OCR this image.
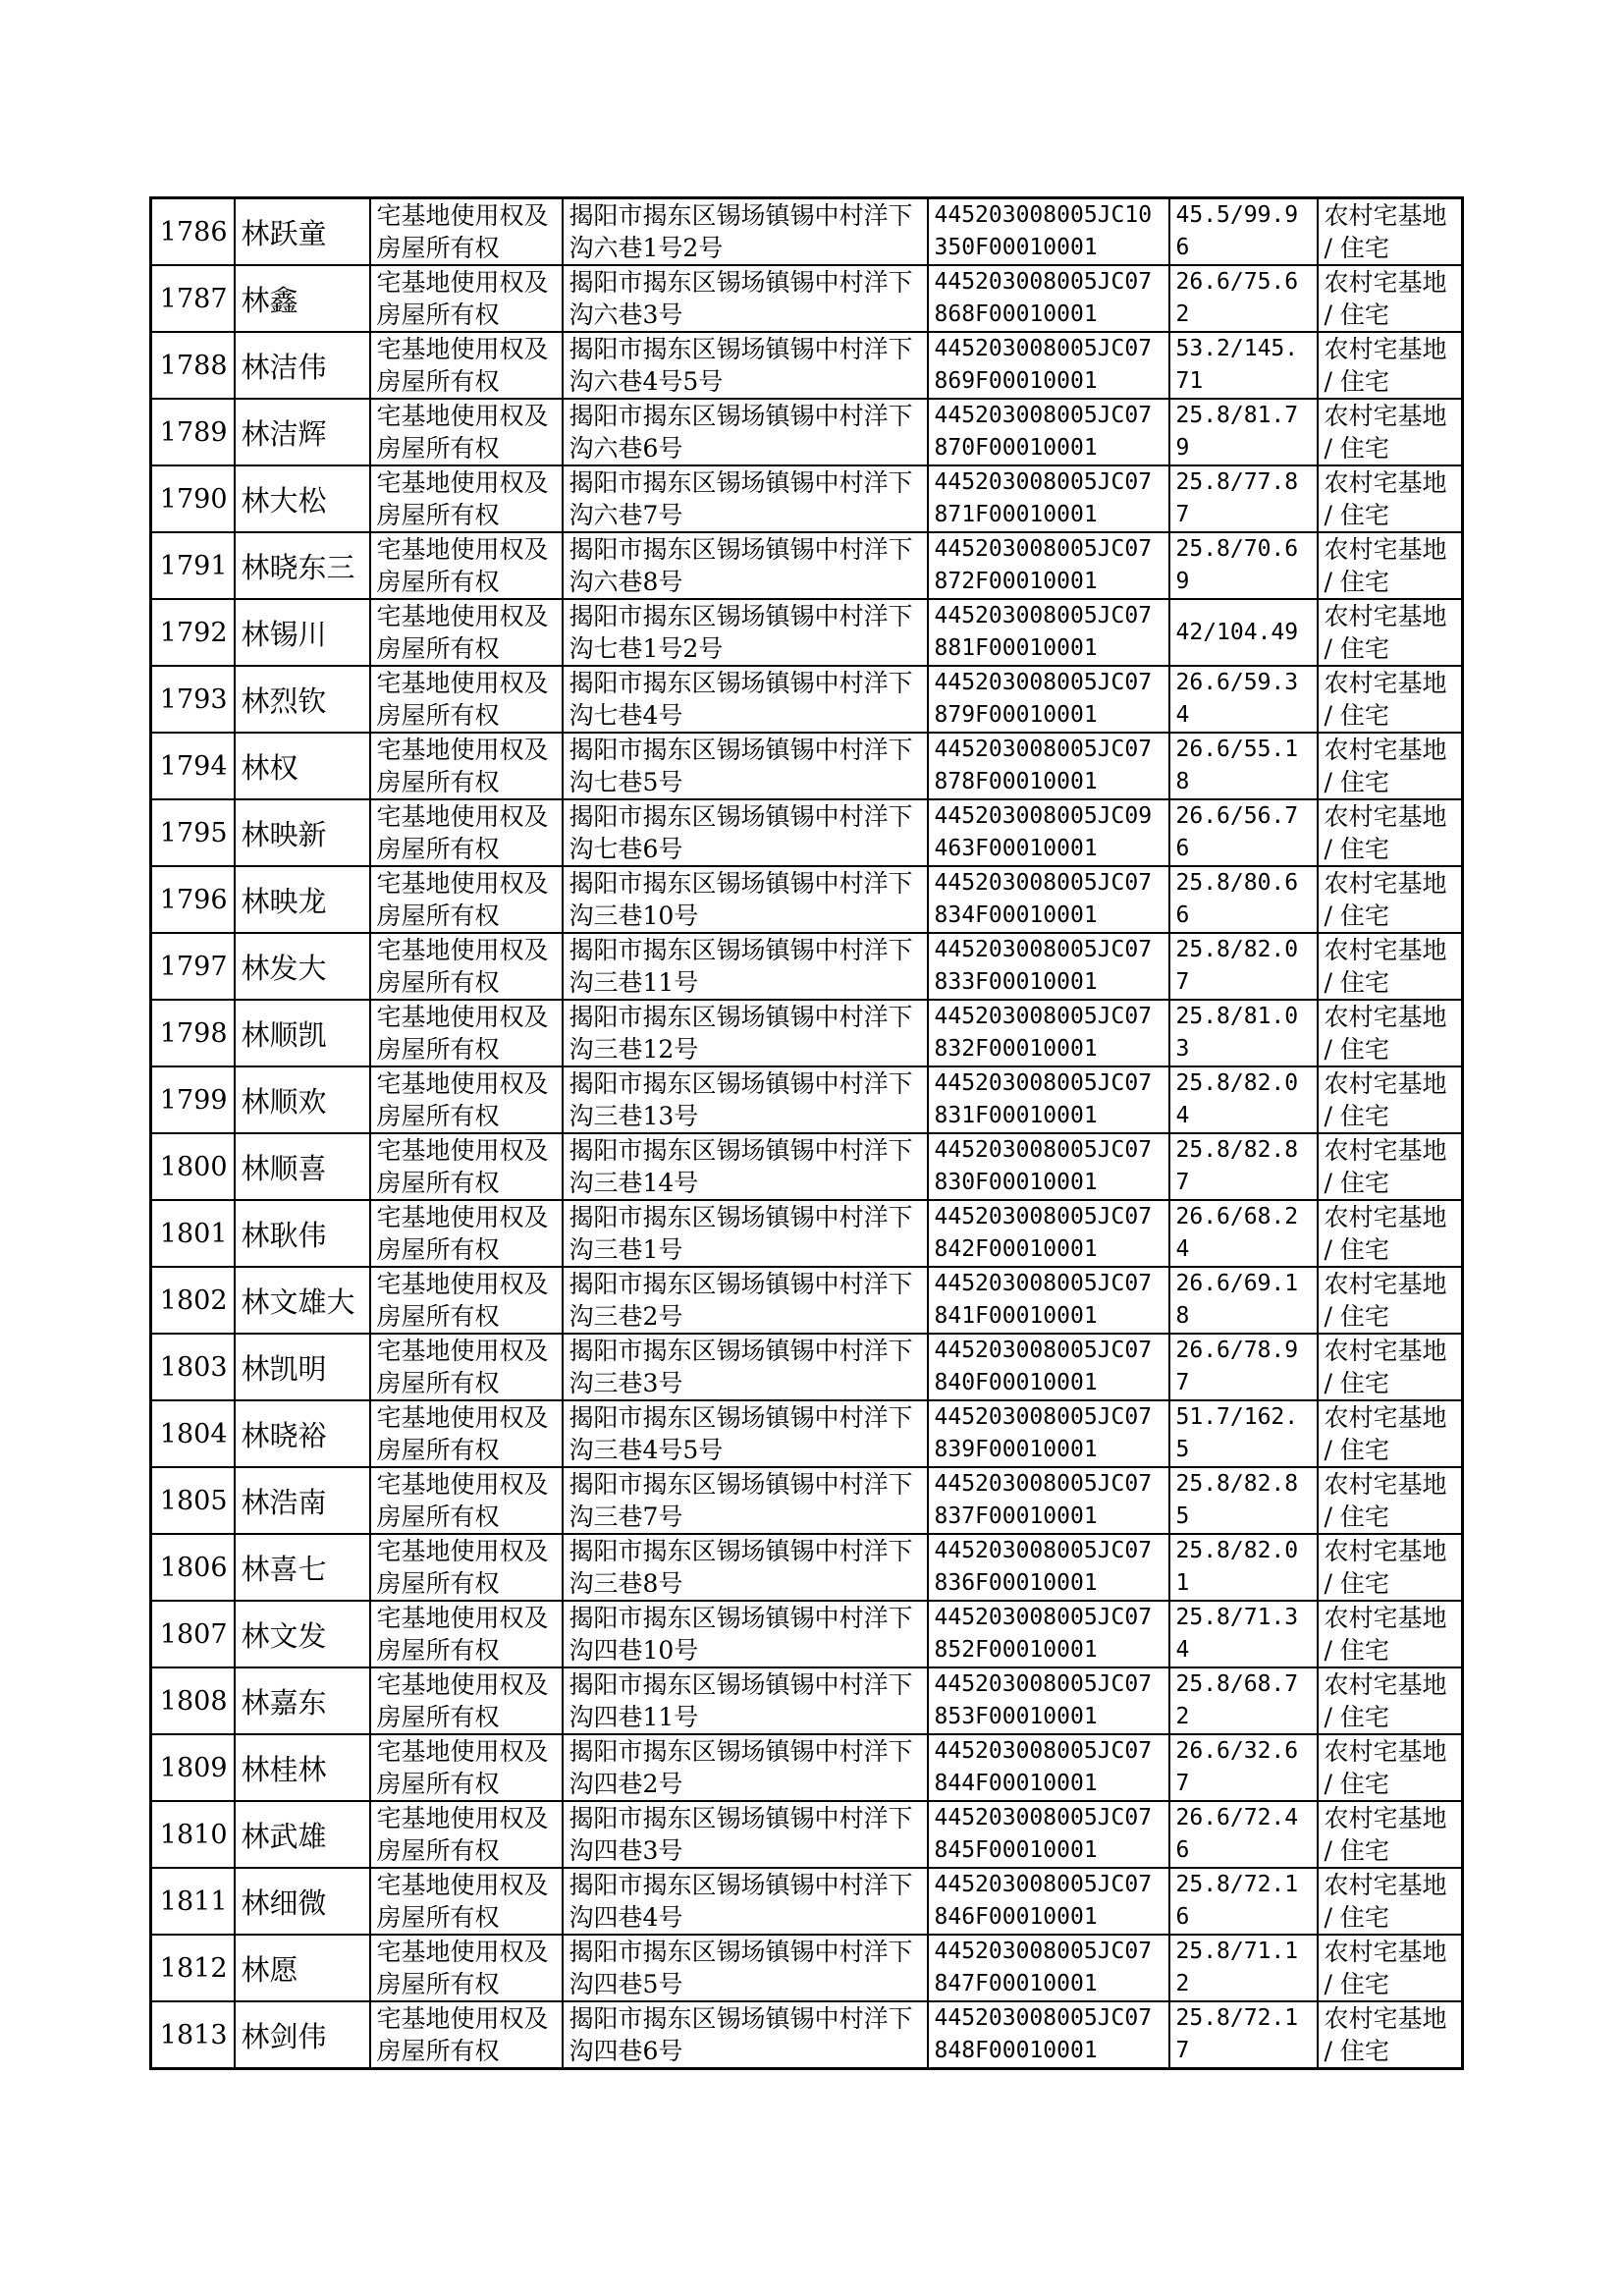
1786	林跃童	宅基地使用权及房屋所有权	揭阳市揭东区锡场镇锡中村洋下沟六巷1号2号	445203008005JC10350F00010001	45.5/99.96	农村宅基地 / 住宅

1787	林鑫	宅基地使用权及房屋所有权	揭阳市揭东区锡场镇锡中村洋下沟六巷3号	445203008005JC07868F00010001	26.6/75.62	农村宅基地 / 住宅

1788	林洁伟	宅基地使用权及房屋所有权	揭阳市揭东区锡场镇锡中村洋下沟六巷4号5号	445203008005JC07869F00010001	53.2/145.71	农村宅基地 / 住宅

1789	林洁辉	宅基地使用权及房屋所有权	揭阳市揭东区锡场镇锡中村洋下沟六巷6号	445203008005JC07870F00010001	25.8/81.79	农村宅基地 / 住宅

1790	林大松	宅基地使用权及房屋所有权	揭阳市揭东区锡场镇锡中村洋下沟六巷7号	445203008005JC07871F00010001	25.8/77.87	农村宅基地 / 住宅

1791	林晓东三	宅基地使用权及房屋所有权	揭阳市揭东区锡场镇锡中村洋下沟六巷8号	445203008005JC07872F00010001	25.8/70.69	农村宅基地 / 住宅

1792	林锡川	宅基地使用权及房屋所有权	揭阳市揭东区锡场镇锡中村洋下沟七巷1号2号	445203008005JC07881F00010001	42/104.49	农村宅基地 / 住宅

1793	林烈钦	宅基地使用权及房屋所有权	揭阳市揭东区锡场镇锡中村洋下沟七巷4号	445203008005JC07879F00010001	26.6/59.34	农村宅基地 / 住宅

1794	林权	宅基地使用权及房屋所有权	揭阳市揭东区锡场镇锡中村洋下沟七巷5号	445203008005JC07878F00010001	26.6/55.18	农村宅基地 / 住宅

1795	林映新	宅基地使用权及房屋所有权	揭阳市揭东区锡场镇锡中村洋下沟七巷6号	445203008005JC09463F00010001	26.6/56.76	农村宅基地 / 住宅

1796	林映龙	宅基地使用权及房屋所有权	揭阳市揭东区锡场镇锡中村洋下沟三巷10号	445203008005JC07834F00010001	25.8/80.66	农村宅基地 / 住宅

1797	林发大	宅基地使用权及房屋所有权	揭阳市揭东区锡场镇锡中村洋下沟三巷11号	445203008005JC07833F00010001	25.8/82.07	农村宅基地 / 住宅

1798	林顺凯	宅基地使用权及房屋所有权	揭阳市揭东区锡场镇锡中村洋下沟三巷12号	445203008005JC07832F00010001	25.8/81.03	农村宅基地 / 住宅

1799	林顺欢	宅基地使用权及房屋所有权	揭阳市揭东区锡场镇锡中村洋下沟三巷13号	445203008005JC07831F00010001	25.8/82.04	农村宅基地 / 住宅

1800	林顺喜	宅基地使用权及房屋所有权	揭阳市揭东区锡场镇锡中村洋下沟三巷14号	445203008005JC07830F00010001	25.8/82.87	农村宅基地 / 住宅

1801	林耿伟	宅基地使用权及房屋所有权	揭阳市揭东区锡场镇锡中村洋下沟三巷1号	445203008005JC07842F00010001	26.6/68.24	农村宅基地 / 住宅

1802	林文雄大	宅基地使用权及房屋所有权	揭阳市揭东区锡场镇锡中村洋下沟三巷2号	445203008005JC07841F00010001	26.6/69.18	农村宅基地 / 住宅

1803	林凯明	宅基地使用权及房屋所有权	揭阳市揭东区锡场镇锡中村洋下沟三巷3号	445203008005JC07840F00010001	26.6/78.97	农村宅基地 / 住宅

1804	林晓裕	宅基地使用权及房屋所有权	揭阳市揭东区锡场镇锡中村洋下沟三巷4号5号	445203008005JC07839F00010001	51.7/162.5	农村宅基地 / 住宅

1805	林浩南	宅基地使用权及房屋所有权	揭阳市揭东区锡场镇锡中村洋下沟三巷7号	445203008005JC07837F00010001	25.8/82.85	农村宅基地 / 住宅

1806	林喜七	宅基地使用权及房屋所有权	揭阳市揭东区锡场镇锡中村洋下沟三巷8号	445203008005JC07836F00010001	25.8/82.01	农村宅基地 / 住宅

1807	林文发	宅基地使用权及房屋所有权	揭阳市揭东区锡场镇锡中村洋下沟四巷10号	445203008005JC07852F00010001	25.8/71.34	农村宅基地 / 住宅

1808	林嘉东	宅基地使用权及房屋所有权	揭阳市揭东区锡场镇锡中村洋下沟四巷11号	445203008005JC07853F00010001	25.8/68.72	农村宅基地 / 住宅

1809	林桂林	宅基地使用权及房屋所有权	揭阳市揭东区锡场镇锡中村洋下沟四巷2号	445203008005JC07844F00010001	26.6/32.67	农村宅基地 / 住宅

1810	林武雄	宅基地使用权及房屋所有权	揭阳市揭东区锡场镇锡中村洋下沟四巷3号	445203008005JC07845F00010001	26.6/72.46	农村宅基地 / 住宅

1811	林细微	宅基地使用权及房屋所有权	揭阳市揭东区锡场镇锡中村洋下沟四巷4号	445203008005JC07846F00010001	25.8/72.16	农村宅基地 / 住宅

1812	林愿	宅基地使用权及房屋所有权	揭阳市揭东区锡场镇锡中村洋下沟四巷5号	445203008005JC07847F00010001	25.8/71.12	农村宅基地 / 住宅

1813	林剑伟	宅基地使用权及房屋所有权	揭阳市揭东区锡场镇锡中村洋下沟四巷6号	445203008005JC07848F00010001	25.8/72.17	农村宅基地 / 住宅
